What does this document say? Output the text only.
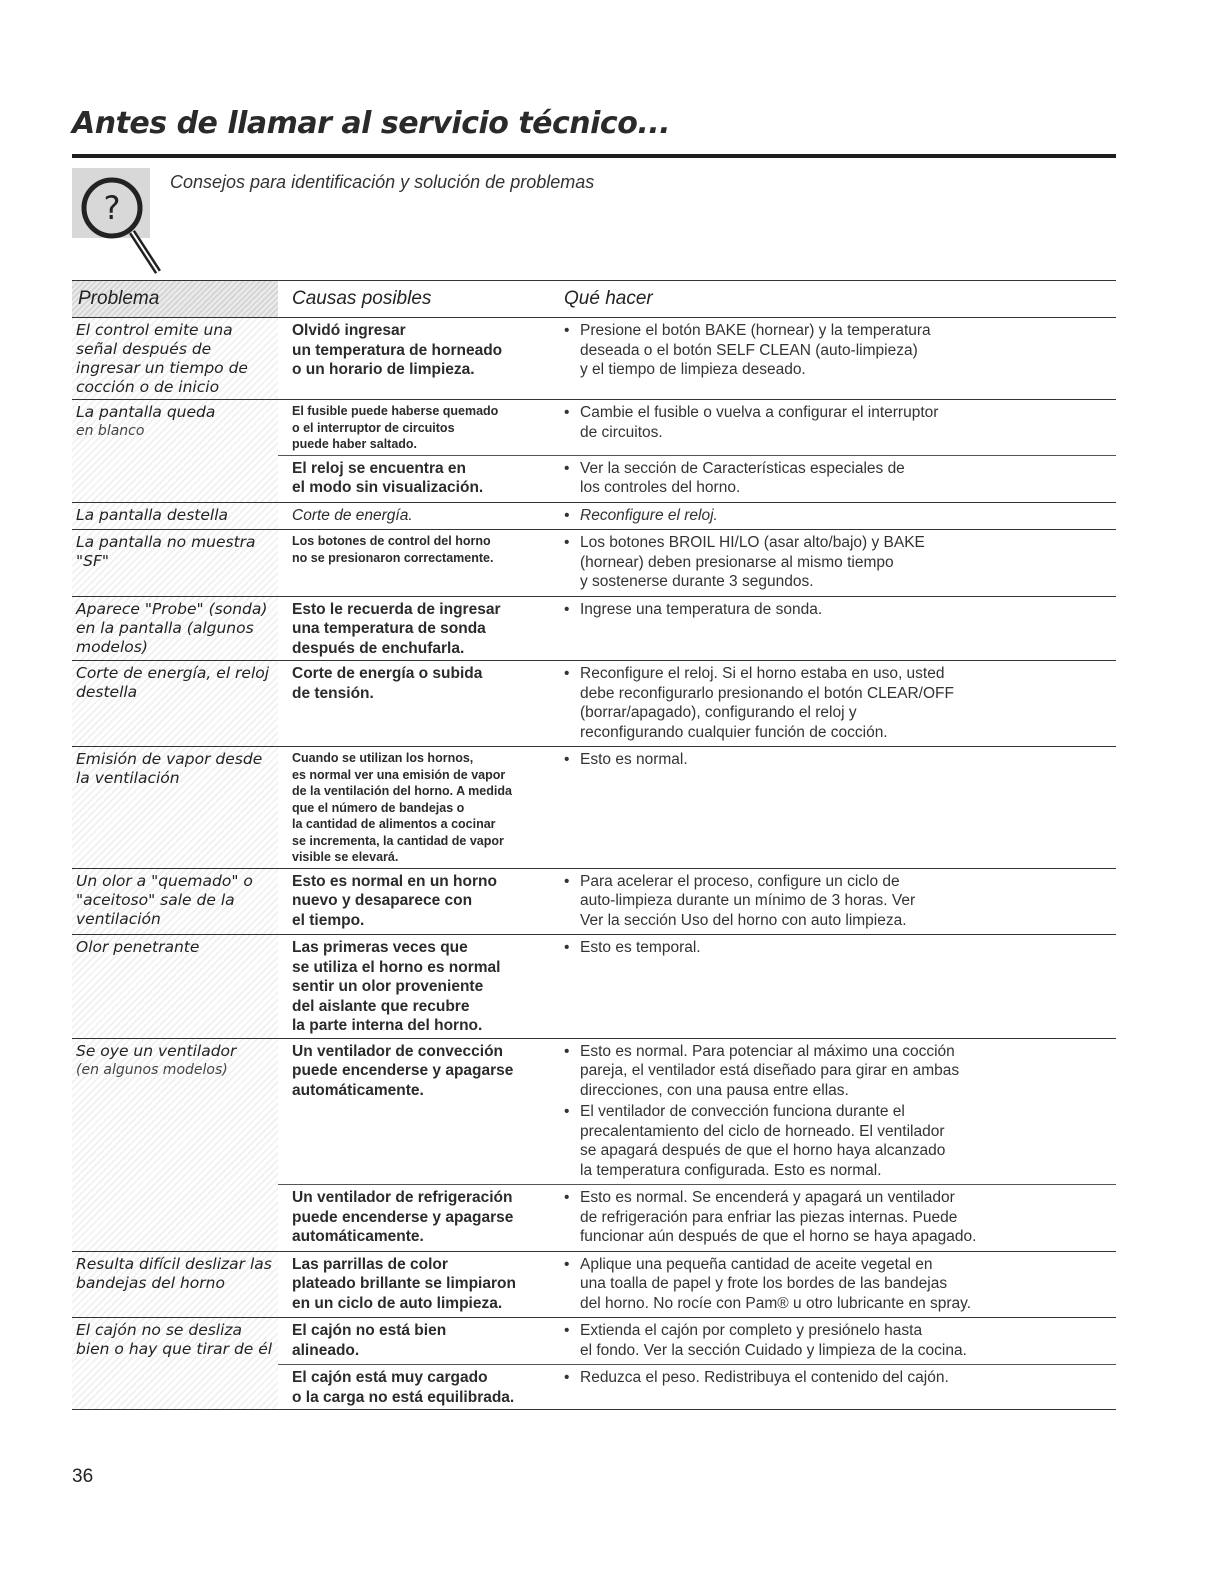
Antes de llamar al servicio técnico...
?
Consejos para identificación y solución de problemas
Problema	Causas posibles	Qué hacer
El control emite una señal después de ingresar un tiempo de cocción o de inicio
Olvidó ingresar
un temperatura de horneado
o un horario de limpieza.
• Presione el botón BAKE (hornear) y la temperatura
deseada o el botón SELF CLEAN (auto-limpieza)
y el tiempo de limpieza deseado.
La pantalla queda
en blanco
El fusible puede haberse quemado
o el interruptor de circuitos
puede haber saltado.
• Cambie el fusible o vuelva a configurar el interruptor
de circuitos.
El reloj se encuentra en
el modo sin visualización.
• Ver la sección de Características especiales de
los controles del horno.
La pantalla destella	Corte de energía.
•	Reconfigure el reloj.
La pantalla no muestra "SF"
Los botones de control del horno
no se presionaron correctamente.
• Los botones BROIL HI/LO (asar alto/bajo) y BAKE
(hornear) deben presionarse al mismo tiempo
y sostenerse durante 3 segundos.
Aparece "Probe" (sonda) en la pantalla (algunos modelos)
Esto le recuerda de ingresar
una temperatura de sonda
después de enchufarla.
• Ingrese una temperatura de sonda.
Corte de energía, el reloj destella
Corte de energía o subida
de tensión.
• Reconfigure el reloj. Si el horno estaba en uso, usted
debe reconfigurarlo presionando el botón CLEAR/OFF
(borrar/apagado), configurando el reloj y
reconfigurando cualquier función de cocción.
Emisión de vapor desde la ventilación
Cuando se utilizan los hornos,
es normal ver una emisión de vapor
de la ventilación del horno. A medida
que el número de bandejas o
la cantidad de alimentos a cocinar
se incrementa, la cantidad de vapor
visible se elevará.
• Esto es normal.
Un olor a "quemado" o "aceitoso" sale de la ventilación
Esto es normal en un horno
nuevo y desaparece con
el tiempo.
• Para acelerar el proceso, configure un ciclo de
auto-limpieza durante un mínimo de 3 horas. Ver
Ver la sección Uso del horno con auto limpieza.
Olor penetrante	Las primeras veces que
se utiliza el horno es normal
sentir un olor proveniente
del aislante que recubre
la parte interna del horno.
• Esto es temporal.
Se oye un ventilador
(en algunos modelos)
Un ventilador de convección
puede encenderse y apagarse
automáticamente.
• Esto es normal. Para potenciar al máximo una cocción
pareja, el ventilador está diseñado para girar en ambas
direcciones, con una pausa entre ellas.
• El ventilador de convección funciona durante el
precalentamiento del ciclo de horneado. El ventilador
se apagará después de que el horno haya alcanzado
la temperatura configurada. Esto es normal.
Un ventilador de refrigeración
puede encenderse y apagarse
automáticamente.
• Esto es normal. Se encenderá y apagará un ventilador
de refrigeración para enfriar las piezas internas. Puede
funcionar aún después de que el horno se haya apagado.
Resulta difícil deslizar las bandejas del horno
Las parrillas de color
plateado brillante se limpiaron
en un ciclo de auto limpieza.
• Aplique una pequeña cantidad de aceite vegetal en
una toalla de papel y frote los bordes de las bandejas
del horno. No rocíe con Pam® u otro lubricante en spray.
El cajón no se desliza bien o hay que tirar de él
El cajón no está bien
alineado.
• Extienda el cajón por completo y presiónelo hasta
el fondo. Ver la sección Cuidado y limpieza de la cocina.
El cajón está muy cargado
o la carga no está equilibrada.
• Reduzca el peso. Redistribuya el contenido del cajón.
36
